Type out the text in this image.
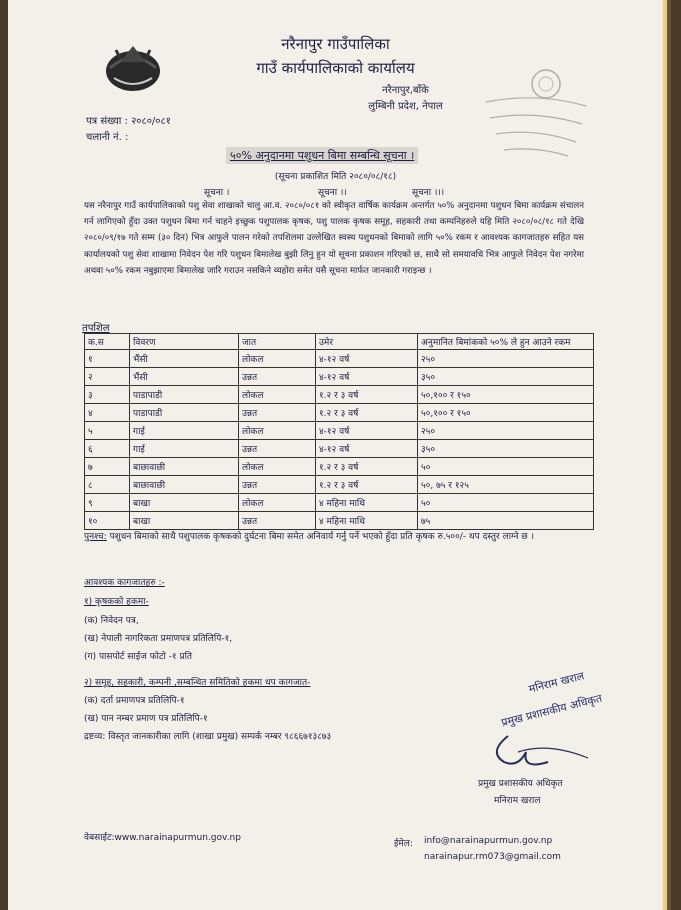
नरैनापुर गाउँपालिका
गाउँ कार्यपालिकाको कार्यालय
नरैनापुर,बाँके
लुम्बिनी प्रदेश, नेपाल
पत्र संख्या : २०८०/०८१
चलानी नं. :
५०% अनुदानमा पशुधन बिमा सम्बन्धि सूचना ।
(सूचना प्रकाशित मिति २०८०/०८/१८)
सूचना ।	सूचना ।।	सूचना ।।।
यस नरैनापुर गाउँ कार्यपालिकाको पशु सेवा शाखाको चालु आ.व. २०८०/०८१ को स्वीकृत वार्षिक कार्यक्रम अन्तर्गत ५०% अनुदानमा पशुधन बिमा कार्यक्रम संचालन गर्न लागिएको हुँदा उक्त पशुधन बिमा गर्न चाहने इच्छुक पशुपालक कृषक, पशु पालक कृषक समूह, सहकारी तथा कम्पनिहरुले यहि मिति २०८०/०८/१८ गते देखि २०८०/०९/१७ गते सम्म (३० दिन) भित्र आफुले पालन गरेको तपशिलमा उल्लेखित स्वस्थ पशुधनको बिमाको लागि ५०% रकम र आवश्यक कागजातहरु सहित यस कार्यालयको पशु सेवा शाखामा निवेदन पेश गरि पशुधन बिमालेख बुझी लिनु हुन यो सूचना प्रकाशन गरिएको छ, साथै सो समयावधि भित्र आफुले निवेदन पेश नगरेमा अथवा ५०% रकम नबुझाएमा बिमालेख जारि गराउन नसकिने व्यहोरा समेत यसै सूचना मार्फत जानकारी गराइन्छ ।
तपशिल
क.स	विवरण	जात	उमेर	अनुमानित बिमांकको ५०% ले हुन आउने रकम
१	भैंसी	लोकल	४-१२ वर्ष	२५०
२	भैंसी	उन्नत	४-१२ वर्ष	३५०
३	पाडापाडी	लोकल	१.२ र ३ वर्ष	५०,१०० र १५०
४	पाडापाडी	उन्नत	१.२ र ३ वर्ष	५०,१०० र १५०
५	गाई	लोकल	४-१२ वर्ष	२५०
६	गाई	उन्नत	४-१२ वर्ष	३५०
७	बाछावाछी	लोकल	१.२ र ३ वर्ष	५०
८	बाछावाछी	उन्नत	१.२ र ३ वर्ष	५०, ७५ र १२५
९	बाखा	लोकल	४ महिना माथि	५०
१०	बाखा	उन्नत	४ महिना माथि	७५
पुनश्च: पशुधन बिमाको साथै पशुपालक कृषकको दुर्घटना बिमा समेत अनिवार्य गर्नु पर्ने भएको हुँदा प्रति कृषक रु.५००/- थप दस्तुर लाग्ने छ ।
आवश्यक कागजातहरु :-
१) कृषकको हकमा-
(क) निवेदन पत्र,
(ख) नेपाली नागरिकता प्रमाणपत्र प्रतिलिपि-१,
(ग) पासपोर्ट साईज फोटो -१ प्रति
२) समूह, सहकारी, कम्पनी ,सम्बन्धित समितिको हकमा थप कागजात-
(क) दर्ता प्रमाणपत्र प्रतिलिपि-१
(ख) पान नम्बर प्रमाण पत्र प्रतिलिपि-१
द्रष्टव्य: विस्तृत जानकारीका लागि (शाखा प्रमुख) सम्पर्क नम्बर ९८६६७१३८७३
मनिराम खराल
प्रमुख प्रशासकीय अधिकृत
प्रमुख प्रशासकीय अधिकृत
मनिराम खराल
वेबसाईट:www.narainapurmun.gov.np
ईमेल: info@narainapurmun.gov.np
narainapur.rm073@gmail.com
